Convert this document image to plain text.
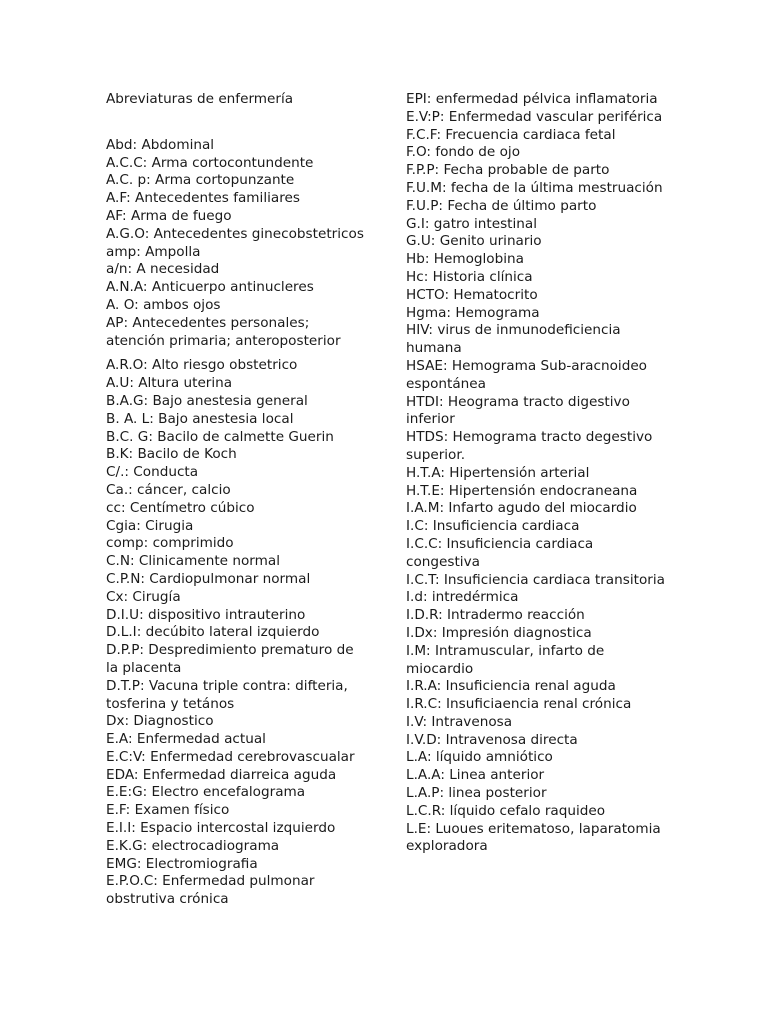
Abreviaturas de enfermería

Abd: Abdominal

A.C.C: Arma cortocontundente

A.C. p: Arma cortopunzante

A.F: Antecedentes familiares

AF: Arma de fuego

A.G.O: Antecedentes ginecobstetricos

amp: Ampolla

a/n: A necesidad

A.N.A: Anticuerpo antinucleres

A. O: ambos ojos

AP: Antecedentes personales; atención primaria; anteroposterior

A.R.O: Alto riesgo obstetrico

A.U: Altura uterina

B.A.G: Bajo anestesia general

B. A. L: Bajo anestesia local

B.C. G: Bacilo de calmette Guerin

B.K: Bacilo de Koch

C/.: Conducta

Ca.: cáncer, calcio

cc: Centímetro cúbico

Cgia: Cirugia

comp: comprimido

C.N: Clinicamente normal

C.P.N: Cardiopulmonar normal

Cx: Cirugía

D.I.U: dispositivo intrauterino

D.L.I: decúbito lateral izquierdo

D.P.P: Despredimiento prematuro de la placenta

D.T.P: Vacuna triple contra: difteria, tosferina y tetános

Dx: Diagnostico

E.A: Enfermedad actual

E.C:V: Enfermedad cerebrovascualar

EDA: Enfermedad diarreica aguda

E.E:G: Electro encefalograma

E.F: Examen físico

E.I.I: Espacio intercostal izquierdo

E.K.G: electrocadiograma

EMG: Electromiografia

E.P.O.C: Enfermedad pulmonar obstrutiva crónica

EPI: enfermedad pélvica inflamatoria

E.V:P: Enfermedad vascular periférica

F.C.F: Frecuencia cardiaca fetal

F.O: fondo de ojo

F.P.P: Fecha probable de parto

F.U.M: fecha de la última mestruación

F.U.P: Fecha de último parto

G.I: gatro intestinal

G.U: Genito urinario

Hb: Hemoglobina

Hc: Historia clínica

HCTO: Hematocrito

Hgma: Hemograma

HIV: virus de inmunodeficiencia humana

HSAE: Hemograma Sub-aracnoideo espontánea

HTDI: Heograma tracto digestivo inferior

HTDS: Hemograma tracto degestivo superior.

H.T.A: Hipertensión arterial

H.T.E: Hipertensión endocraneana

I.A.M: Infarto agudo del miocardio

I.C: Insuficiencia cardiaca

I.C.C: Insuficiencia cardiaca congestiva

I.C.T: Insuficiencia cardiaca transitoria

I.d: intredérmica

I.D.R: Intradermo reacción

I.Dx: Impresión diagnostica

I.M: Intramuscular, infarto de miocardio

I.R.A: Insuficiencia renal aguda

I.R.C: Insuficiaencia renal crónica

I.V: Intravenosa

I.V.D: Intravenosa directa

L.A: líquido amniótico

L.A.A: Linea anterior

L.A.P: linea posterior

L.C.R: líquido cefalo raquideo

L.E: Luoues eritematoso, laparatomia exploradora
